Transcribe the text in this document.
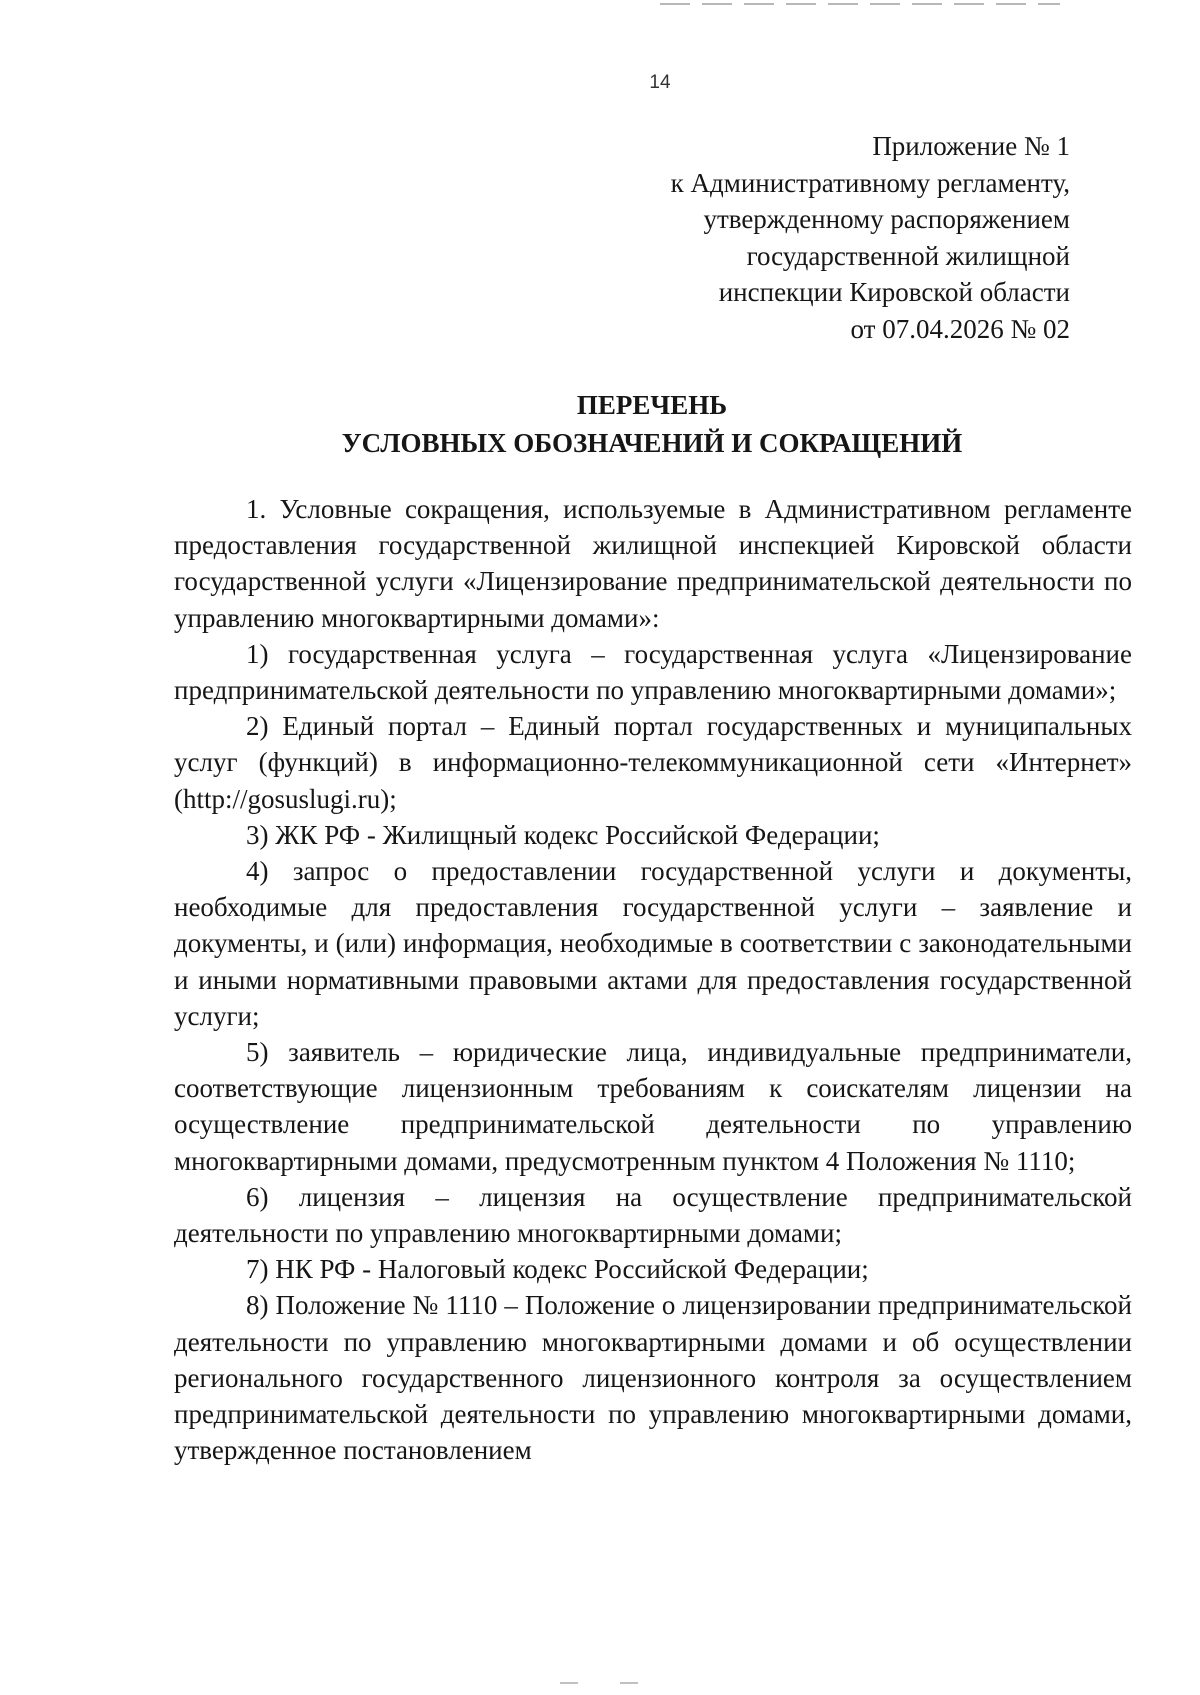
14
Приложение № 1
к Административному регламенту,
утвержденному распоряжением
государственной жилищной
инспекции Кировской области
от 07.04.2026 № 02
ПЕРЕЧЕНЬ
УСЛОВНЫХ ОБОЗНАЧЕНИЙ И СОКРАЩЕНИЙ

1. Условные сокращения, используемые в Административном регламенте предоставления государственной жилищной инспекцией Кировской области государственной услуги «Лицензирование предпринимательской деятельности по управлению многоквартирными домами»:

1) государственная услуга – государственная услуга «Лицензирование предпринимательской деятельности по управлению многоквартирными домами»;

2) Единый портал – Единый портал государственных и муниципальных услуг (функций) в информационно-телекоммуникационной сети «Интернет» (http://gosuslugi.ru);

3) ЖК РФ - Жилищный кодекс Российской Федерации;

4) запрос о предоставлении государственной услуги и документы, необходимые для предоставления государственной услуги – заявление и документы, и (или) информация, необходимые в соответствии с законодательными и иными нормативными правовыми актами для предоставления государственной услуги;

5) заявитель – юридические лица, индивидуальные предприниматели, соответствующие лицензионным требованиям к соискателям лицензии на осуществление предпринимательской деятельности по управлению многоквартирными домами, предусмотренным пунктом 4 Положения № 1110;

6) лицензия – лицензия на осуществление предпринимательской деятельности по управлению многоквартирными домами;

7) НК РФ - Налоговый кодекс Российской Федерации;

8) Положение № 1110 – Положение о лицензировании предпринимательской деятельности по управлению многоквартирными домами и об осуществлении регионального государственного лицензионного контроля за осуществлением предпринимательской деятельности по управлению многоквартирными домами, утвержденное постановлением
